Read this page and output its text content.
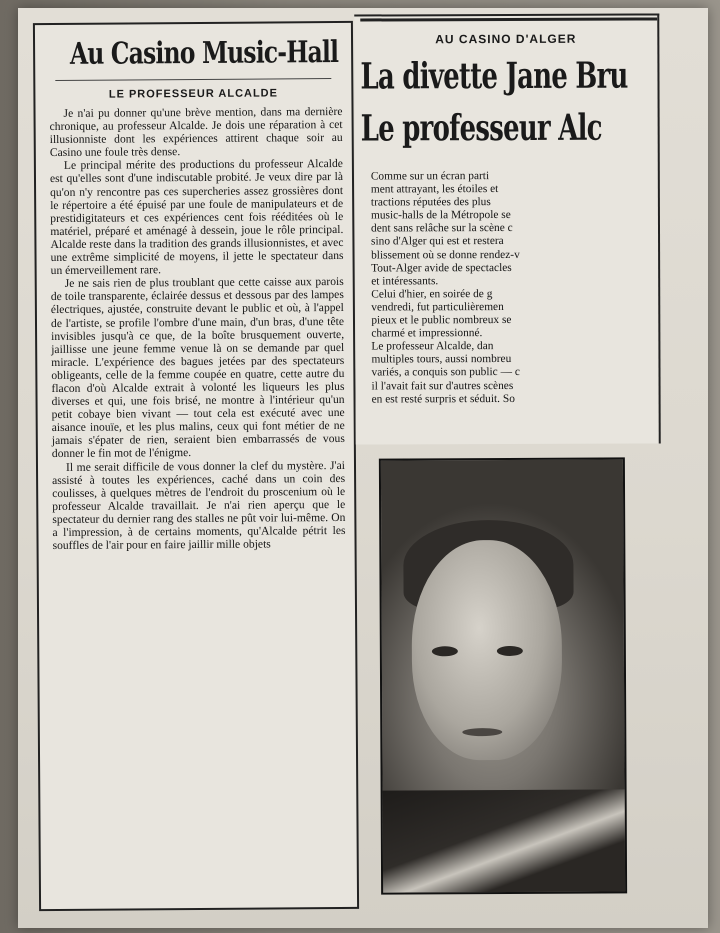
Au Casino Music-Hall
LE PROFESSEUR ALCALDE

Je n'ai pu donner qu'une brève mention, dans ma dernière chronique, au professeur Alcalde. Je dois une réparation à cet illusionniste dont les expériences attirent chaque soir au Casino une foule très dense.

Le principal mérite des productions du professeur Alcalde est qu'elles sont d'une indiscutable probité. Je veux dire par là qu'on n'y rencontre pas ces supercheries assez grossières dont le répertoire a été épuisé par une foule de manipulateurs et de prestidigitateurs et ces expériences cent fois rééditées où le matériel, préparé et aménagé à dessein, joue le rôle principal. Alcalde reste dans la tradition des grands illusionnistes, et avec une extrême simplicité de moyens, il jette le spectateur dans un émerveillement rare.

Je ne sais rien de plus troublant que cette caisse aux parois de toile transparente, éclairée dessus et dessous par des lampes électriques, ajustée, construite devant le public et où, à l'appel de l'artiste, se profile l'ombre d'une main, d'un bras, d'une tête invisibles jusqu'à ce que, de la boîte brusquement ouverte, jaillisse une jeune femme venue là on se demande par quel miracle. L'expérience des bagues jetées par des spectateurs obligeants, celle de la femme coupée en quatre, cette autre du flacon d'où Alcalde extrait à volonté les liqueurs les plus diverses et qui, une fois brisé, ne montre à l'intérieur qu'un petit cobaye bien vivant — tout cela est exécuté avec une aisance inouïe, et les plus malins, ceux qui font métier de ne jamais s'épater de rien, seraient bien embarrassés de vous donner le fin mot de l'énigme.

Il me serait difficile de vous donner la clef du mystère. J'ai assisté à toutes les expériences, caché dans un coin des coulisses, à quelques mètres de l'endroit du proscenium où le professeur Alcalde travaillait. Je n'ai rien aperçu que le spectateur du dernier rang des stalles ne pût voir lui-même. On a l'impression, à de certains moments, qu'Alcalde pétrit les souffles de l'air pour en faire jaillir mille objets

AU CASINO D'ALGER
La divette Jane Bru
Le professeur Alc
Comme sur un écran parti
ment attrayant, les étoiles et
tractions réputées des plus
music-halls de la Métropole se
dent sans relâche sur la scène c
sino d'Alger qui est et restera
blissement où se donne rendez-v
Tout-Alger avide de spectacles
et intéressants.
Celui d'hier, en soirée de g
vendredi, fut particulièremen
pieux et le public nombreux se
charmé et impressionné.
Le professeur Alcalde, dan
multiples tours, aussi nombreu
variés, a conquis son public — c
il l'avait fait sur d'autres scènes
en est resté surpris et séduit. So
